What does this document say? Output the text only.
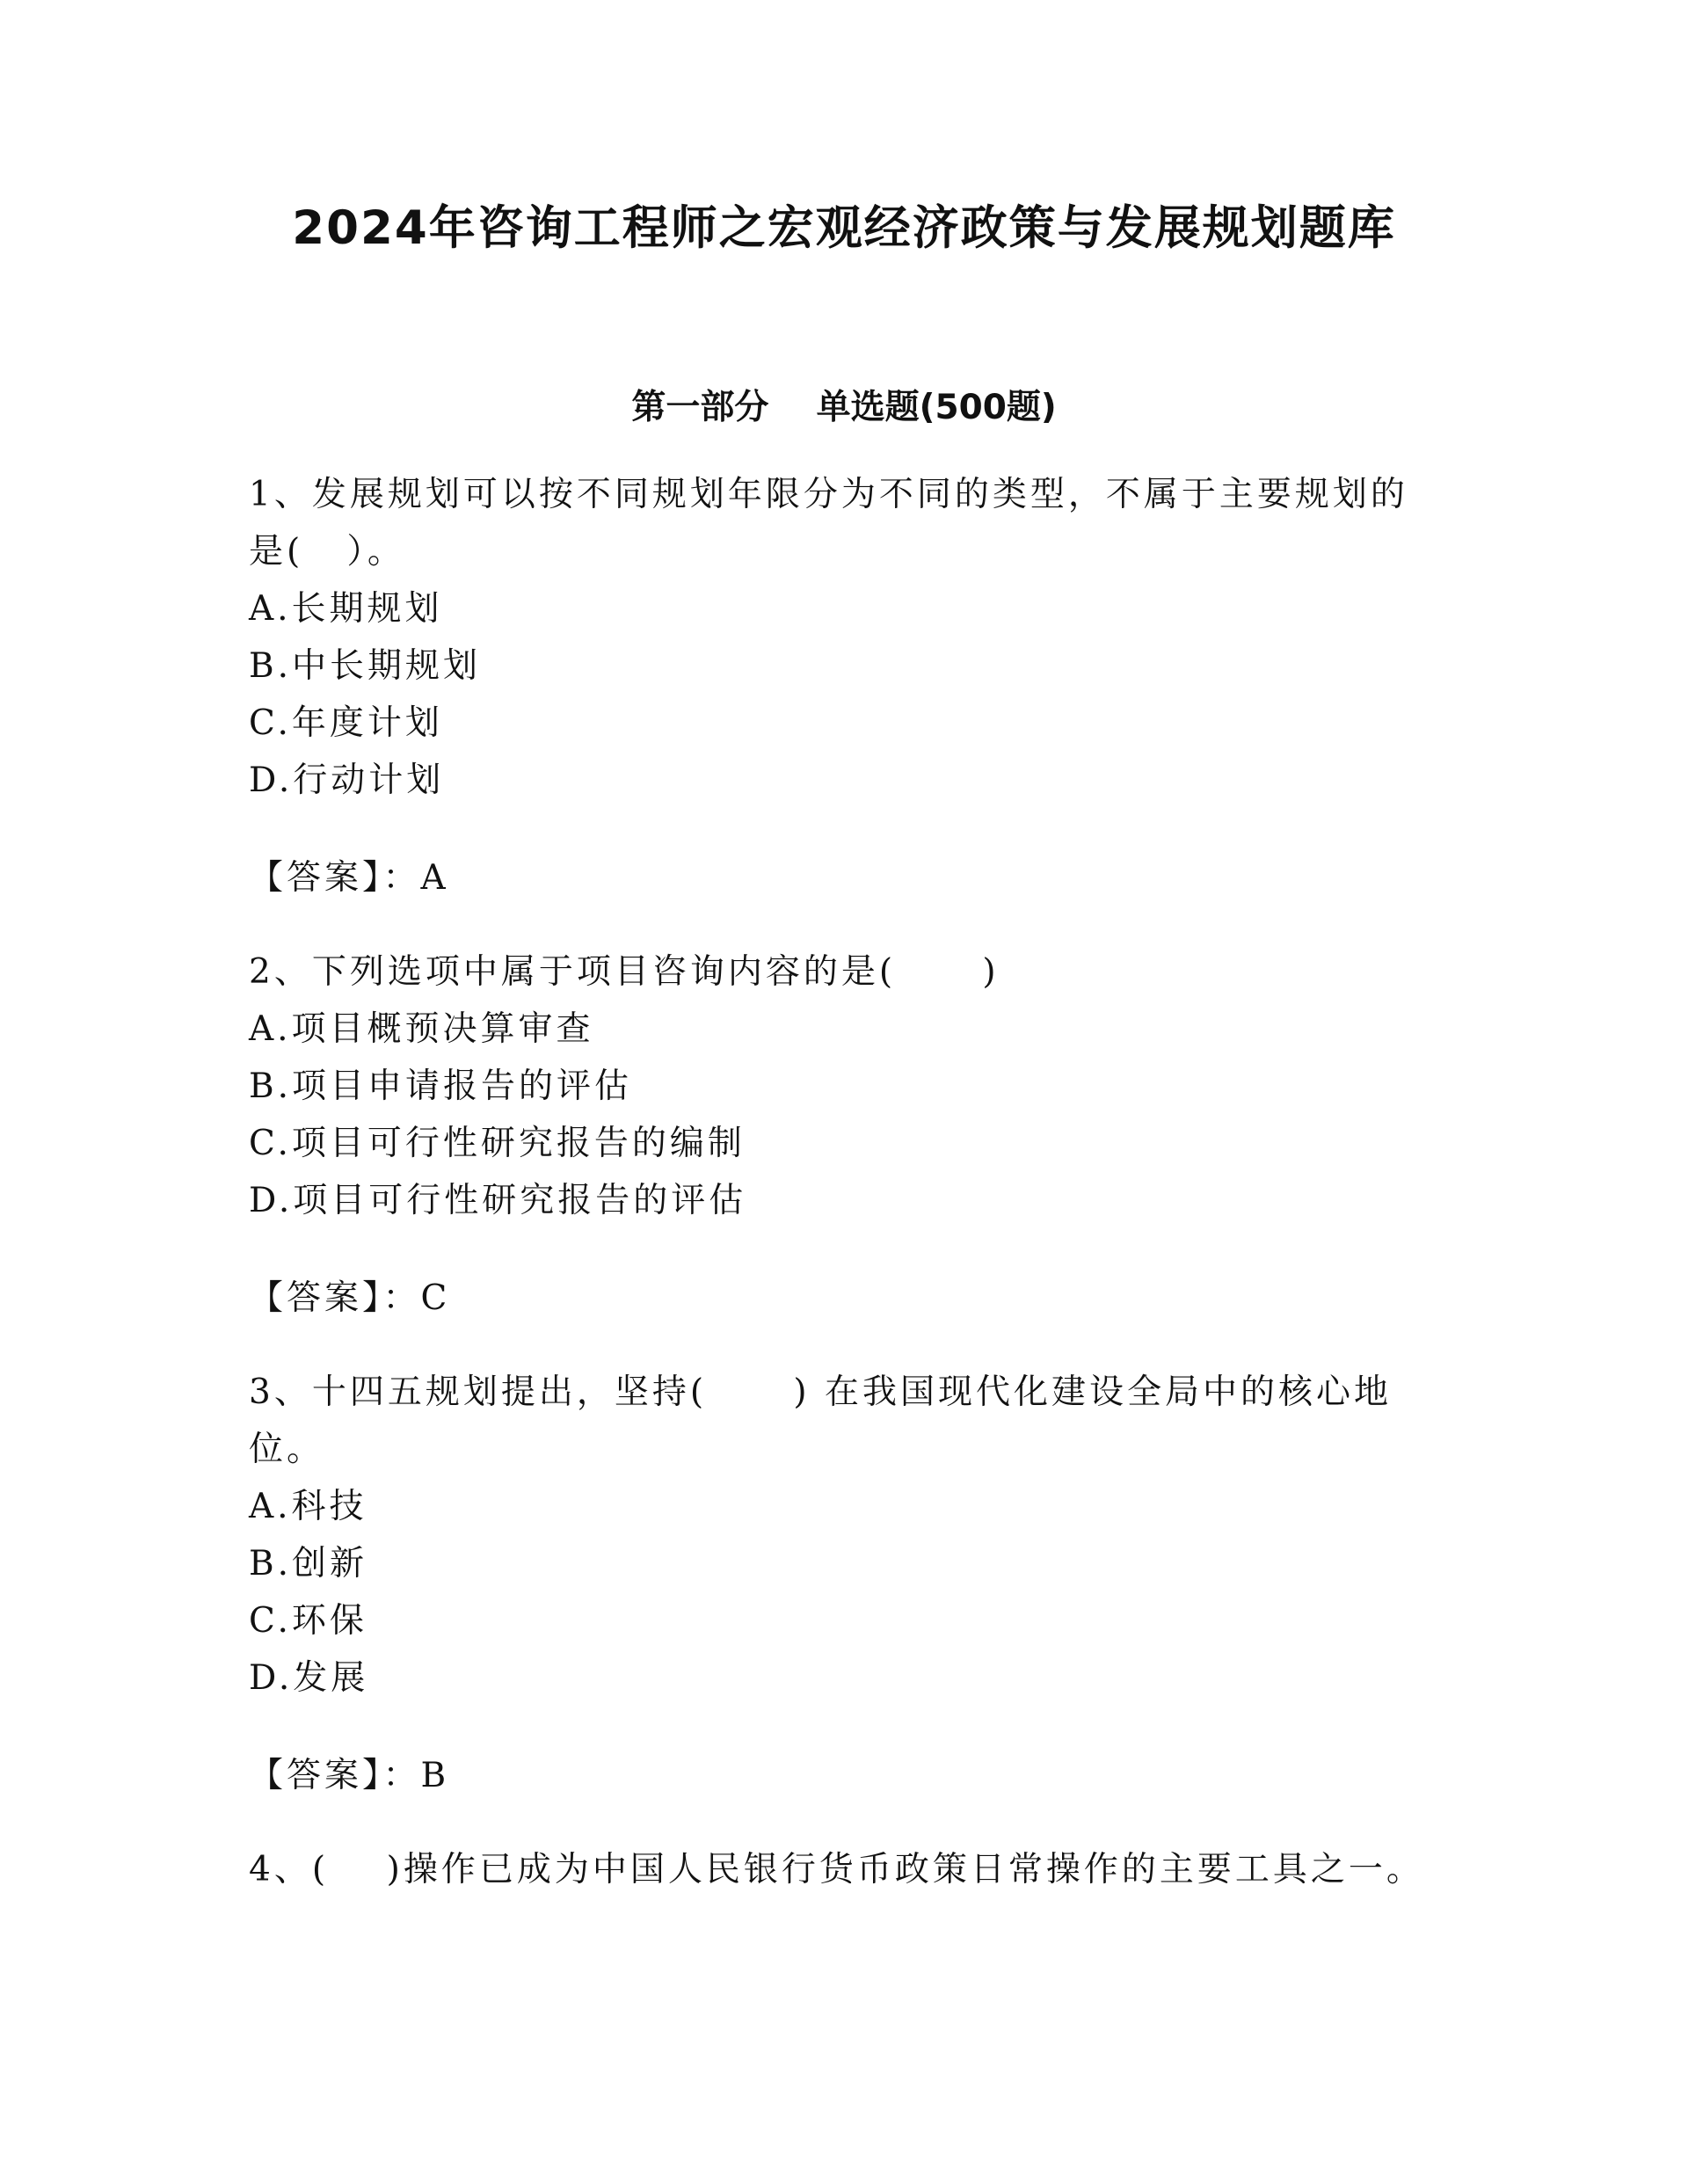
2024年咨询工程师之宏观经济政策与发展规划题库
第一部分    单选题(500题)

1、发展规划可以按不同规划年限分为不同的类型，不属于主要规划的是(   ）。

A.长期规划

B.中长期规划

C.年度计划

D.行动计划

【答案】：A

2、下列选项中属于项目咨询内容的是(      )

A.项目概预决算审查

B.项目申请报告的评估

C.项目可行性研究报告的编制

D.项目可行性研究报告的评估

【答案】：C

3、十四五规划提出，坚持(      ) 在我国现代化建设全局中的核心地位。

A.科技

B.创新

C.环保

D.发展

【答案】：B

4、(    )操作已成为中国人民银行货币政策日常操作的主要工具之一。
